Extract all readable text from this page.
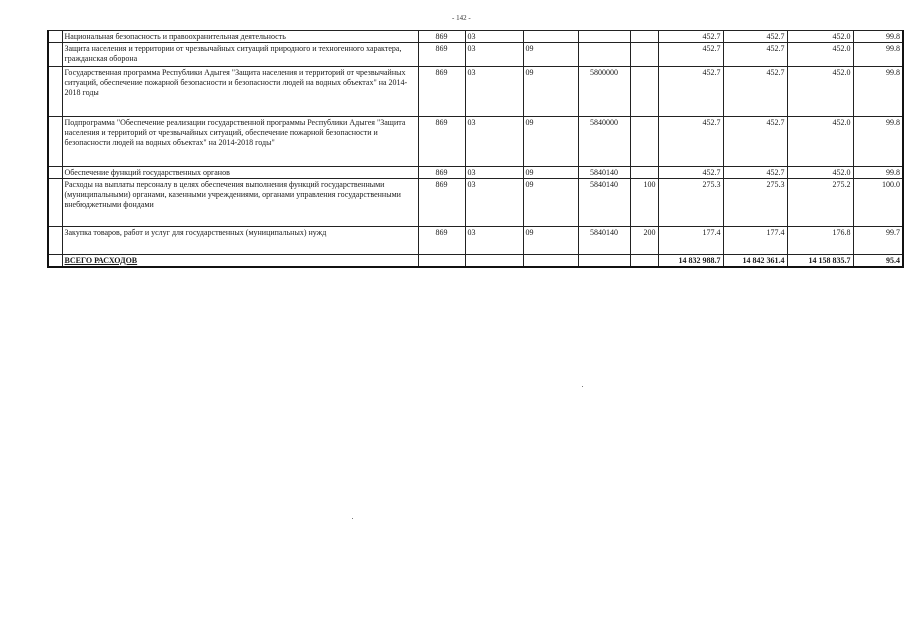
- 142 -
	Национальная безопасность и правоохранительная деятельность	869	03				452.7	452.7	452.0	99.8
	Защита населения и территории от чрезвычайных ситуаций природного и техногенного характера, гражданская оборона	869	03	09			452.7	452.7	452.0	99.8
	Государственная программа Республики Адыгея "Защита населения и территорий от чрезвычайных ситуаций, обеспечение пожарной безопасности и безопасности людей на водных объектах" на 2014-2018 годы	869	03	09	5800000		452.7	452.7	452.0	99.8
	Подпрограмма "Обеспечение реализации государственной программы Республики Адыгея "Защита населения и территорий от чрезвычайных ситуаций, обеспечение пожарной безопасности и безопасности людей на водных объектах" на 2014-2018 годы"	869	03	09	5840000		452.7	452.7	452.0	99.8
	Обеспечение функций государственных органов	869	03	09	5840140		452.7	452.7	452.0	99.8
	Расходы на выплаты персоналу в целях обеспечения выполнения функций государственными (муниципальными) органами, казенными учреждениями, органами управления государственными внебюджетными фондами	869	03	09	5840140	100	275.3	275.3	275.2	100.0
	Закупка товаров, работ и услуг для государственных (муниципальных) нужд	869	03	09	5840140	200	177.4	177.4	176.8	99.7
	ВСЕГО РАСХОДОВ						14 832 988.7	14 842 361.4	14 158 835.7	95.4
